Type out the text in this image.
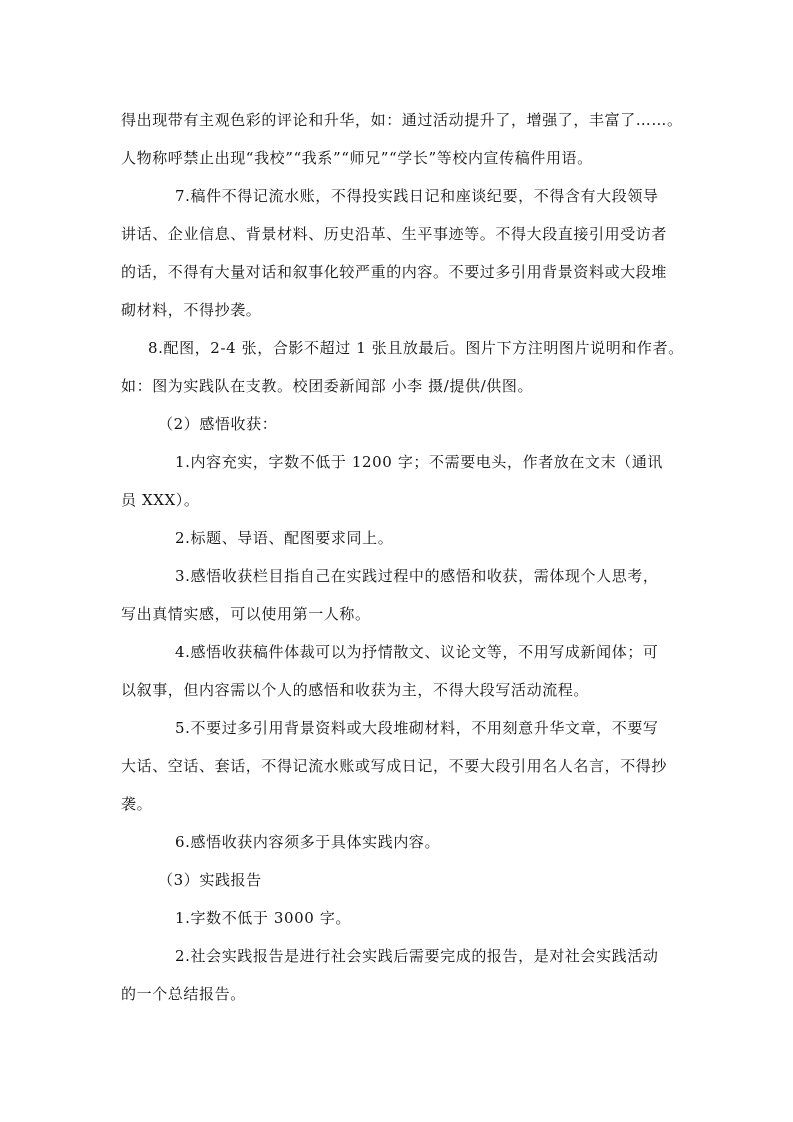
得出现带有主观色彩的评论和升华，如：通过活动提升了，增强了，丰富了……。
人物称呼禁止出现“我校”“我系”“师兄”“学长”等校内宣传稿件用语。
7.稿件不得记流水账，不得投实践日记和座谈纪要，不得含有大段领导
讲话、企业信息、背景材料、历史沿革、生平事迹等。不得大段直接引用受访者
的话，不得有大量对话和叙事化较严重的内容。不要过多引用背景资料或大段堆
砌材料，不得抄袭。
8.配图，2-4 张，合影不超过 1 张且放最后。图片下方注明图片说明和作者。
如：图为实践队在支教。校团委新闻部 小李 摄/提供/供图。
（2）感悟收获：
1.内容充实，字数不低于 1200 字；不需要电头，作者放在文末（通讯
员 XXX）。
2.标题、导语、配图要求同上。
3.感悟收获栏目指自己在实践过程中的感悟和收获，需体现个人思考，
写出真情实感，可以使用第一人称。
4.感悟收获稿件体裁可以为抒情散文、议论文等，不用写成新闻体；可
以叙事，但内容需以个人的感悟和收获为主，不得大段写活动流程。
5.不要过多引用背景资料或大段堆砌材料，不用刻意升华文章，不要写
大话、空话、套话，不得记流水账或写成日记，不要大段引用名人名言，不得抄
袭。
6.感悟收获内容须多于具体实践内容。
（3）实践报告
1.字数不低于 3000 字。
2.社会实践报告是进行社会实践后需要完成的报告，是对社会实践活动
的一个总结报告。
